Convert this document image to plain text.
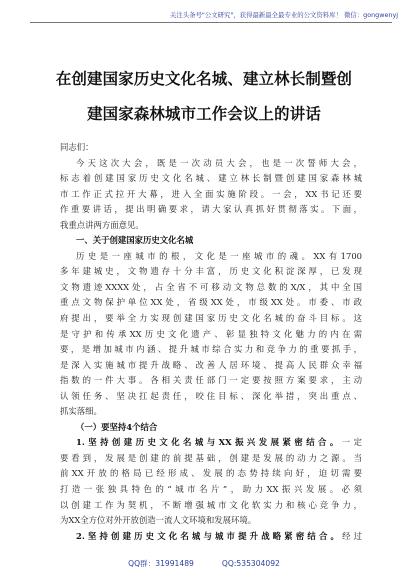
关注头条号"公文研究"，获得最新最全最专业的公文资料库！ 微信：gongwenyj
在创建国家历史文化名城、建立林长制暨创
建国家森林城市工作会议上的讲话
同志们：
今天这次大会，既是一次动员大会，也是一次誓师大会，
标志着创建国家历史文化名城、建立林长制暨创建国家森林城
市工作正式拉开大幕，进入全面实施阶段。一会，XX书记还要
作重要讲话，提出明确要求，请大家认真抓好贯彻落实。下面，
我重点讲两方面意见。
一、关于创建国家历史文化名城
历史是一座城市的根，文化是一座城市的魂。XX有1700
多年建城史，文物遗存十分丰富，历史文化积淀深厚，已发现
文物遗迹XXXX处，占全省不可移动文物总数的X/X，其中全国
重点文物保护单位XX处，省级XX处，市级XX处。市委、市政
府提出，要举全力实现创建国家历史文化名城的奋斗目标。这
是守护和传承XX历史文化遗产、彰显独特文化魅力的内在需
要，是增加城市内涵、提升城市综合实力和竞争力的重要抓手，
是深入实施城市提升战略、改善人居环境、提高人民群众幸福
指数的一件大事。各相关责任部门一定要按照方案要求，主动
认领任务、坚决扛起责任，咬住目标、深化举措，突出重点、
抓实落细。
（一）要坚持4个结合
1.坚持创建历史文化名城与XX振兴发展紧密结合。一定
要看到，发展是创建的前提基础，创建是发展的动力之源。当
前XX开放的格局已经形成、发展的态势持续向好，迫切需要
打造一张独具特色的“城市名片”，助力XX振兴发展。必须
以创建工作为契机，不断增强城市文化软实力和核心竞争力，
为XX全方位对外开放创造一流人文环境和发展环境。
2.坚持创建历史文化名城与城市提升战略紧密结合。经过
QQ群：31991489	QQ:535304092
